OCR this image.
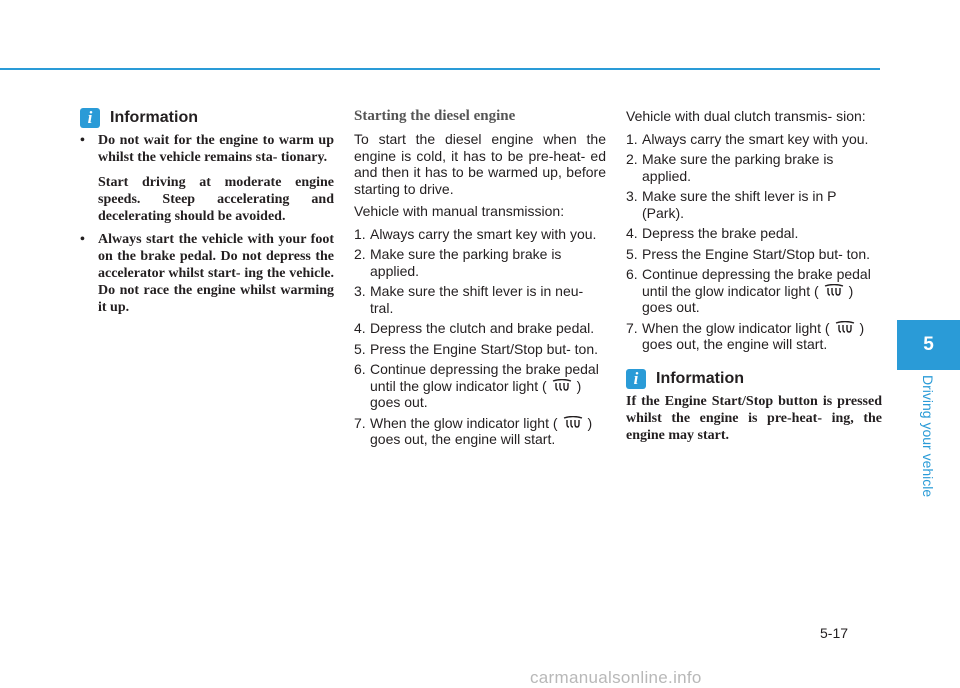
i	Information
• Do not wait for the engine to warm up whilst the vehicle remains sta- tionary.

Start driving at moderate engine speeds. Steep accelerating and decelerating should be avoided.

• Always start the vehicle with your foot on the brake pedal. Do not depress the accelerator whilst start- ing the vehicle. Do not race the engine whilst warming it up.

Starting the diesel engine

To start the diesel engine when the engine is cold, it has to be pre-heat- ed and then it has to be warmed up, before starting to drive.

Vehicle with manual transmission:

1. Always carry the smart key with you.
2. Make sure the parking brake is applied.
3. Make sure the shift lever is in neu- tral.
4. Depress the clutch and brake pedal.
5. Press the Engine Start/Stop but- ton.
6. Continue depressing the brake pedal until the glow indicator light ( ) goes out.
7. When the glow indicator light ( ) goes out, the engine will start.

Vehicle with dual clutch transmis- sion:

1. Always carry the smart key with you.
2. Make sure the parking brake is applied.
3. Make sure the shift lever is in P (Park).
4. Depress the brake pedal.
5. Press the Engine Start/Stop but- ton.
6. Continue depressing the brake pedal until the glow indicator light ( ) goes out.
7. When the glow indicator light ( ) goes out, the engine will start.
i	Information

If the Engine Start/Stop button is pressed whilst the engine is pre-heat- ing, the engine may start.

5
Driving your vehicle
5-17
carmanualsonline.info
